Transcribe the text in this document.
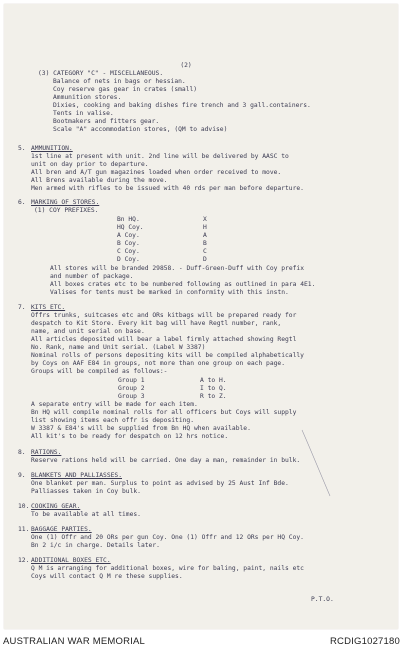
(2)
(3) CATEGORY "C" - MISCELLANEOUS.
Balance of nets in bags or hessian.
Coy reserve gas gear in crates (small)
Ammunition stores.
Dixies, cooking and baking dishes fire trench and 3 gall.containers.
Tents in valise.
Bootmakers and fitters gear.
Scale "A" accommodation stores, (QM to advise)
5. AMMUNITION.
1st line at present with unit. 2nd line will be delivered by AASC to
unit on day prior to departure.
All bren and A/T gun magazines loaded when order received to move.
All Brens available during the move.
Men armed with rifles to be issued with 40 rds per man before departure.
6. MARKING OF STORES.
(1) COY PREFIXES.
Bn HQ.	X
HQ Coy.	H
A Coy.	A
B Coy.	B
C Coy.	C
D Coy.	D
All stores will be branded 29858. - Duff-Green-Duff with Coy prefix
and number of package.
All boxes crates etc to be numbered following as outlined in para 4E1.
Valises for tents must be marked in conformity with this instn.
7. KITS ETC.
Offrs trunks, suitcases etc and ORs kitbags will be prepared ready for
despatch to Kit Store. Every kit bag will have Regtl number, rank,
name, and unit serial on base.
All articles deposited will bear a label firmly attached showing Regtl
No. Rank, name and Unit serial. (Label W 3387)
Nominal rolls of persons depositing kits will be compiled alphabetically
by Coys on AAF E84 in groups, not more than one group on each page.
Groups will be compiled as follows:-
Group 1	A to H.
Group 2	I to Q.
Group 3	R to Z.
A separate entry will be made for each item.
Bn HQ will compile nominal rolls for all officers but Coys will supply
list showing items each offr is depositing.
W 3387 & E84's will be supplied from Bn HQ when available.
All kit's to be ready for despatch on 12 hrs notice.
8. RATIONS.
Reserve rations held will be carried. One day a man, remainder in bulk.
9. BLANKETS AND PALLIASSES.
One blanket per man. Surplus to point as advised by 25 Aust Inf Bde.
Palliasses taken in Coy bulk.
10. COOKING GEAR.
To be available at all times.
11. BAGGAGE PARTIES.
One (1) Offr and 20 ORs per gun Coy. One (1) Offr and 12 ORs per HQ Coy.
Bn 2 i/c in charge. Details later.
12. ADDITIONAL BOXES ETC.
Q M is arranging for additional boxes, wire for baling, paint, nails etc
Coys will contact Q M re these supplies.
P.T.O.
AUSTRALIAN WAR MEMORIAL	RCDIG1027180
